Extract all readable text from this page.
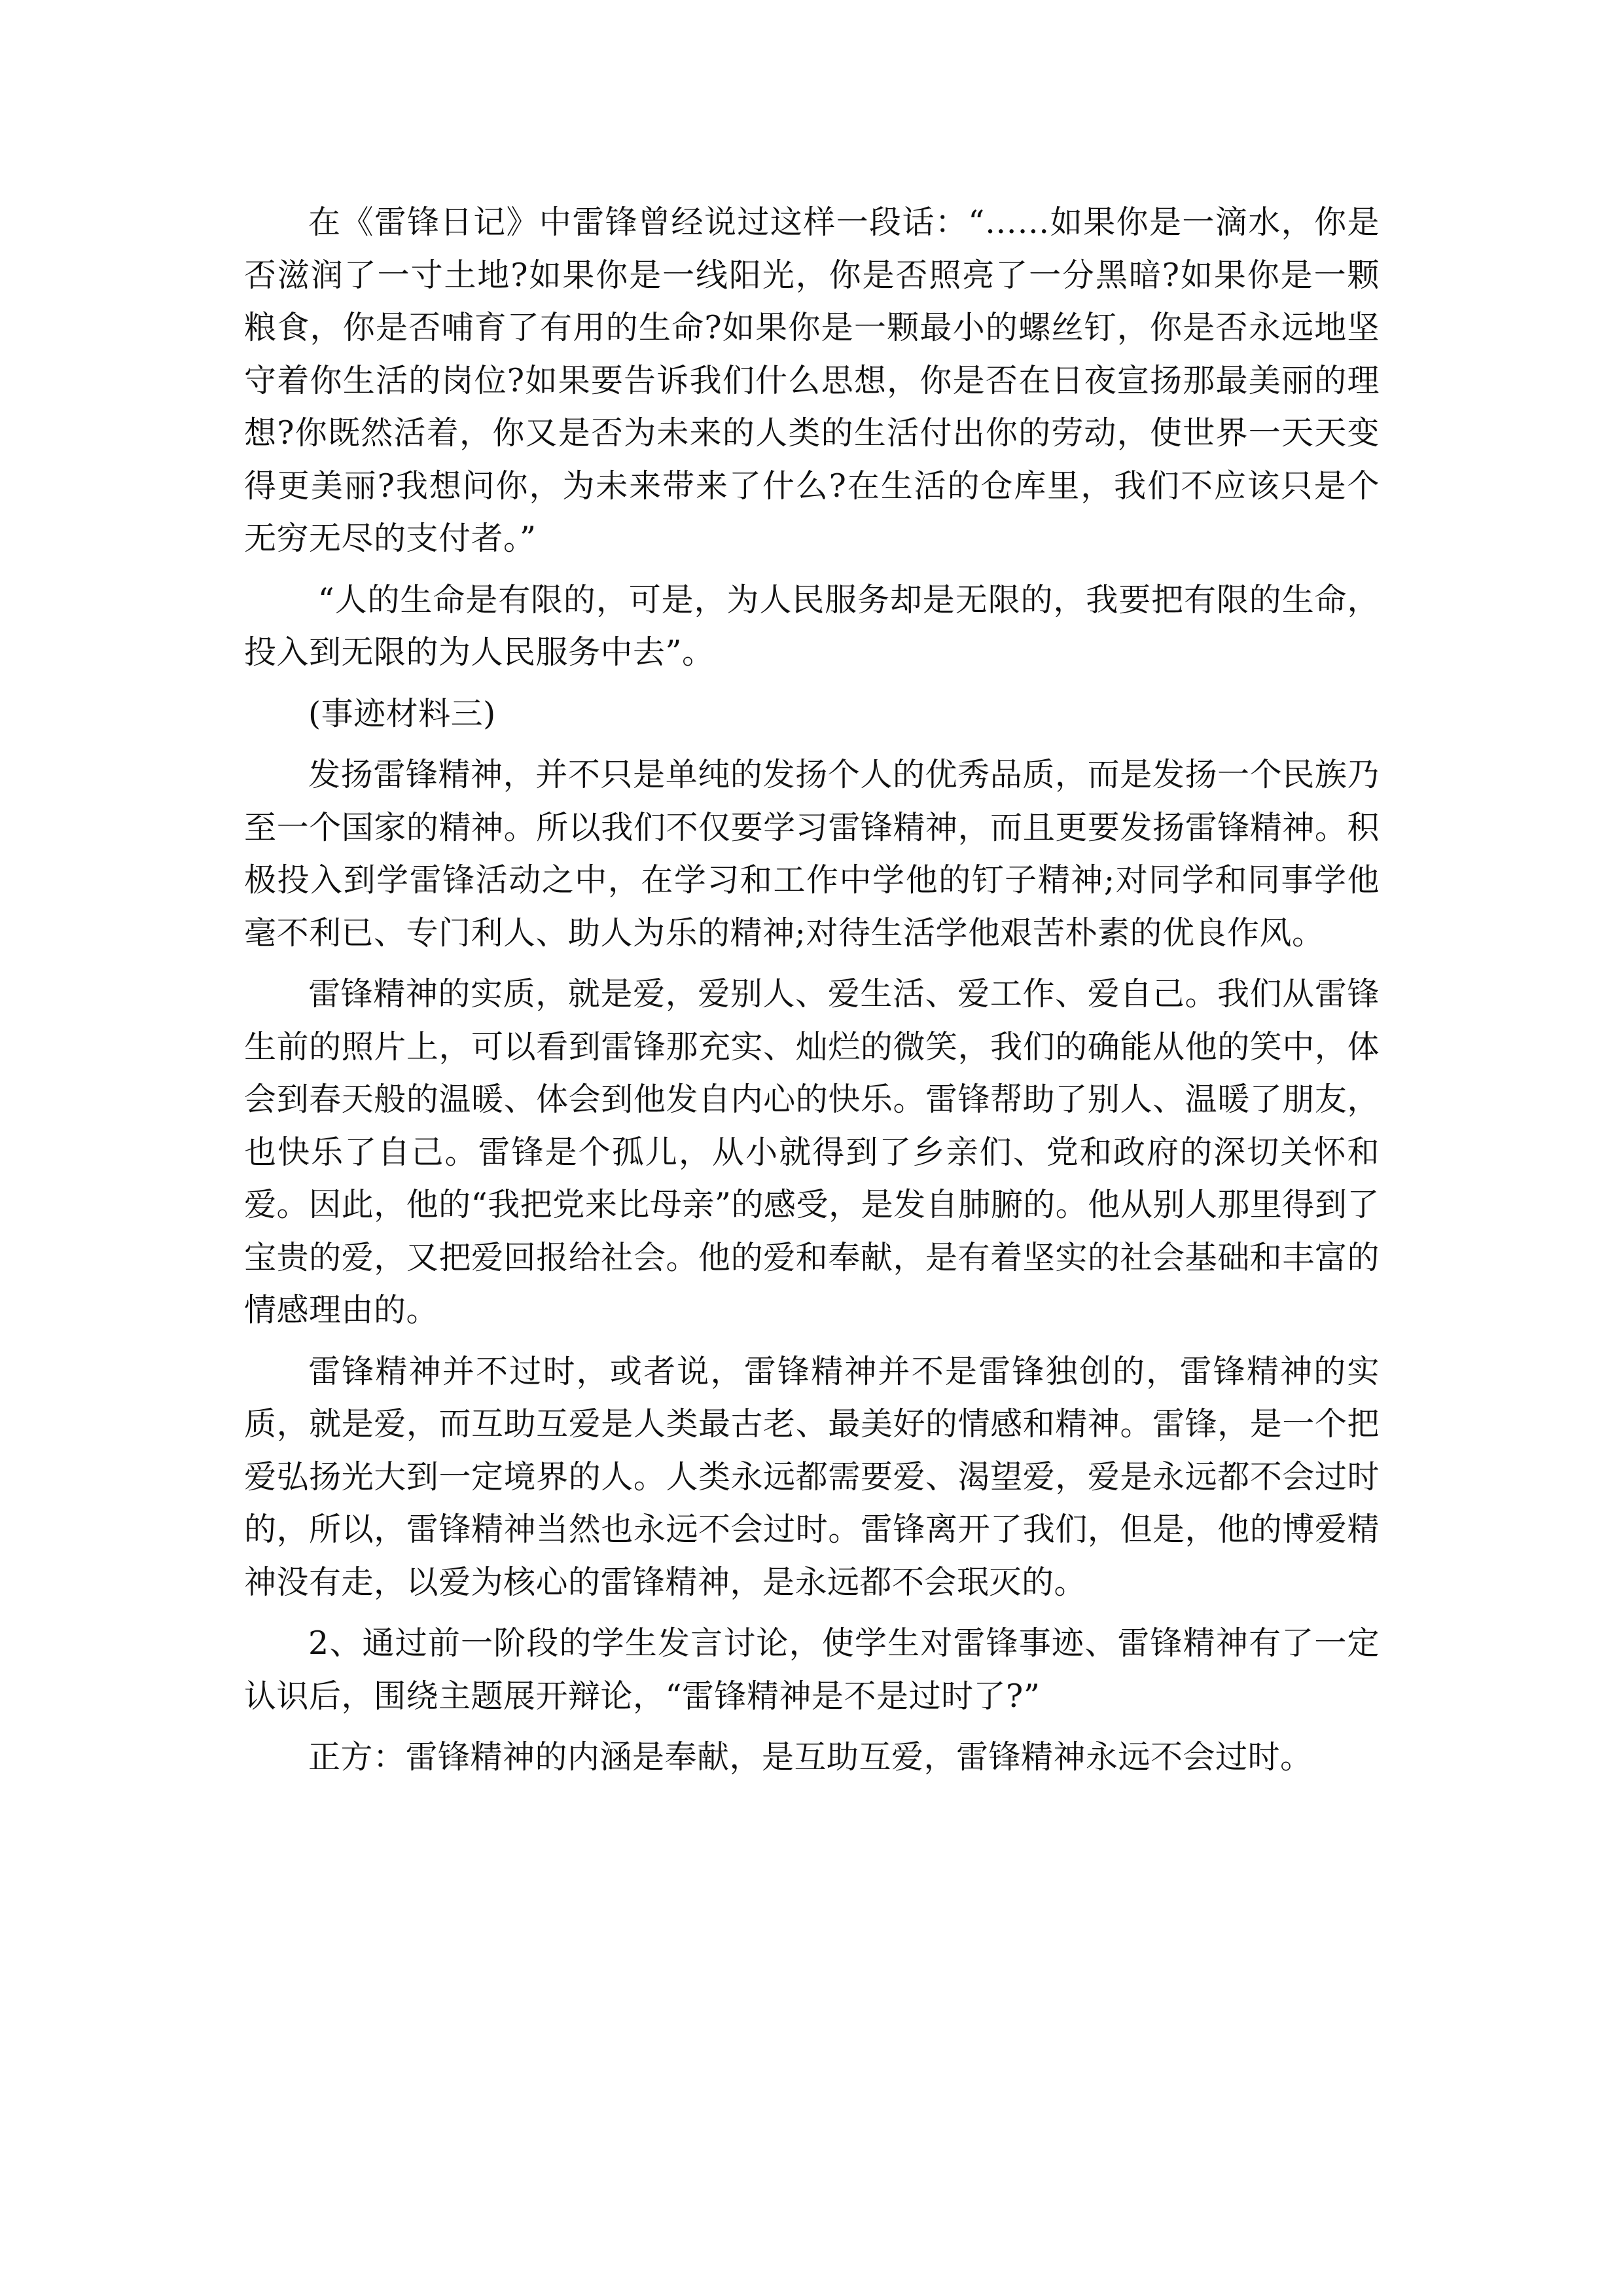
在《雷锋日记》中雷锋曾经说过这样一段话：“……如果你是一滴水，你是否滋润了一寸土地?如果你是一线阳光，你是否照亮了一分黑暗?如果你是一颗粮食，你是否哺育了有用的生命?如果你是一颗最小的螺丝钉，你是否永远地坚守着你生活的岗位?如果要告诉我们什么思想，你是否在日夜宣扬那最美丽的理想?你既然活着，你又是否为未来的人类的生活付出你的劳动，使世界一天天变得更美丽?我想问你，为未来带来了什么?在生活的仓库里，我们不应该只是个无穷无尽的支付者。”

“人的生命是有限的，可是，为人民服务却是无限的，我要把有限的生命，投入到无限的为人民服务中去”。

(事迹材料三)

发扬雷锋精神，并不只是单纯的发扬个人的优秀品质，而是发扬一个民族乃至一个国家的精神。所以我们不仅要学习雷锋精神，而且更要发扬雷锋精神。积极投入到学雷锋活动之中，在学习和工作中学他的钉子精神;对同学和同事学他毫不利已、专门利人、助人为乐的精神;对待生活学他艰苦朴素的优良作风。

雷锋精神的实质，就是爱，爱别人、爱生活、爱工作、爱自己。我们从雷锋生前的照片上，可以看到雷锋那充实、灿烂的微笑，我们的确能从他的笑中，体会到春天般的温暖、体会到他发自内心的快乐。雷锋帮助了别人、温暖了朋友，也快乐了自己。雷锋是个孤儿，从小就得到了乡亲们、党和政府的深切关怀和爱。因此，他的“我把党来比母亲”的感受，是发自肺腑的。他从别人那里得到了宝贵的爱，又把爱回报给社会。他的爱和奉献，是有着坚实的社会基础和丰富的情感理由的。

雷锋精神并不过时，或者说，雷锋精神并不是雷锋独创的，雷锋精神的实质，就是爱，而互助互爱是人类最古老、最美好的情感和精神。雷锋，是一个把爱弘扬光大到一定境界的人。人类永远都需要爱、渴望爱，爱是永远都不会过时的，所以，雷锋精神当然也永远不会过时。雷锋离开了我们，但是，他的博爱精神没有走，以爱为核心的雷锋精神，是永远都不会珉灭的。

2、通过前一阶段的学生发言讨论，使学生对雷锋事迹、雷锋精神有了一定认识后，围绕主题展开辩论，“雷锋精神是不是过时了?”

正方：雷锋精神的内涵是奉献，是互助互爱，雷锋精神永远不会过时。
